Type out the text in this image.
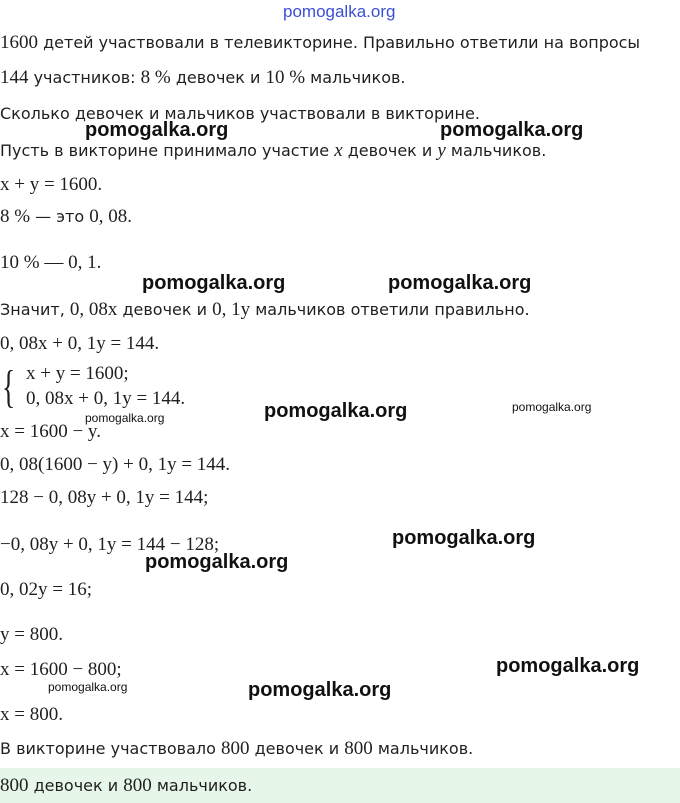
pomogalka.org
1600 детей участвовали в телевикторине. Правильно ответили на вопросы
144 участников: 8 % девочек и 10 % мальчиков.
Сколько девочек и мальчиков участвовали в викторине.
Пусть в викторине принимало участие x девочек и y мальчиков.
x + y = 1600.
8 % — это 0, 08.
10 % — 0, 1.
Значит, 0, 08x девочек и 0, 1y мальчиков ответили правильно.
0, 08x + 0, 1y = 144.
{ x + y = 1600;
0, 08x + 0, 1y = 144.
x = 1600 − y.
0, 08(1600 − y) + 0, 1y = 144.
128 − 0, 08y + 0, 1y = 144;
−0, 08y + 0, 1y = 144 − 128;
0, 02y = 16;
y = 800.
x = 1600 − 800;
x = 800.
В викторине участвовало 800 девочек и 800 мальчиков.
800 девочек и 800 мальчиков.
pomogalka.org	pomogalka.org
pomogalka.org	pomogalka.org
pomogalka.org	pomogalka.org
pomogalka.org
pomogalka.org
pomogalka.org
pomogalka.org
pomogalka.org	pomogalka.org
